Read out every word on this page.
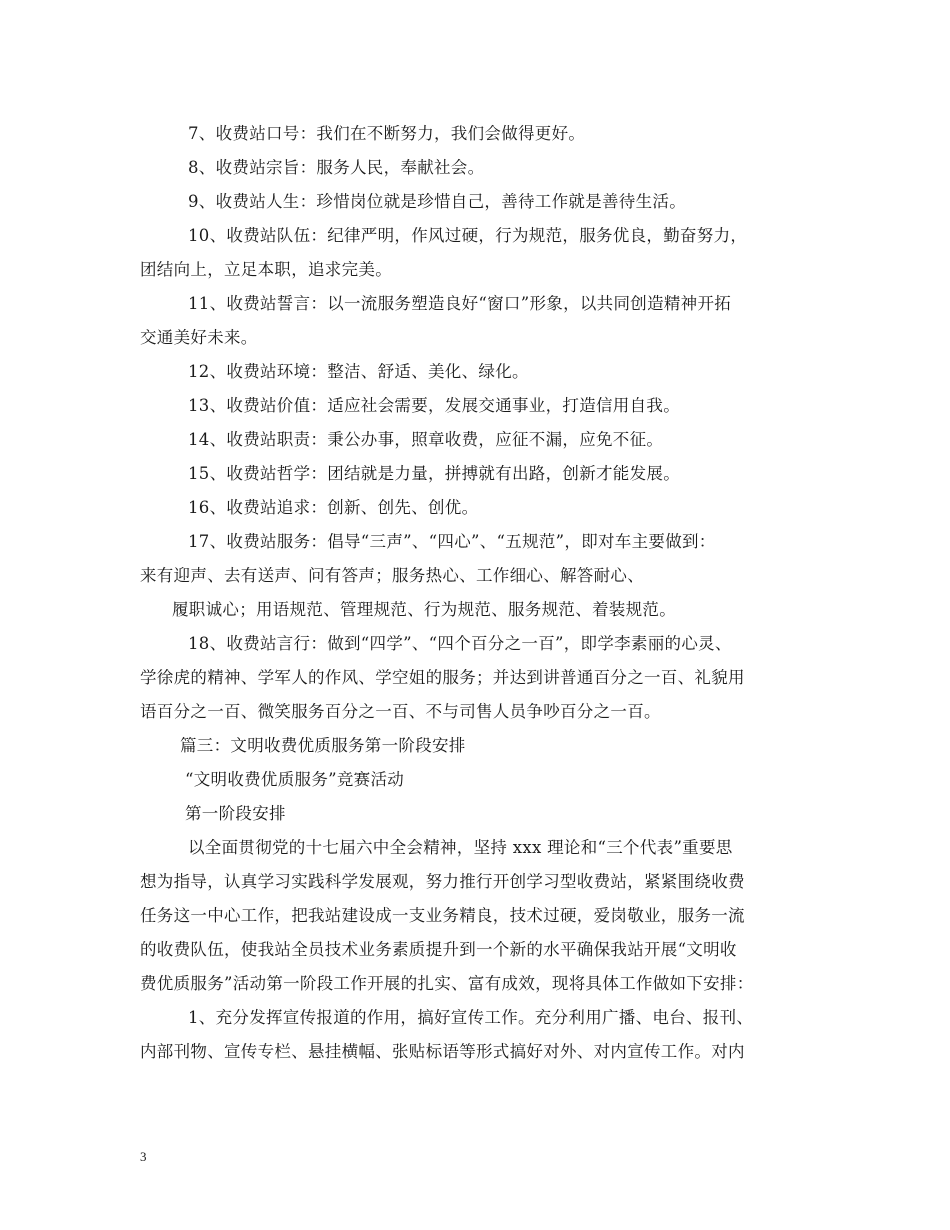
7、收费站口号：我们在不断努力，我们会做得更好。
8、收费站宗旨：服务人民，奉献社会。
9、收费站人生：珍惜岗位就是珍惜自己，善待工作就是善待生活。
10、收费站队伍：纪律严明，作风过硬，行为规范，服务优良，勤奋努力，
团结向上，立足本职，追求完美。
11、收费站誓言：以一流服务塑造良好“窗口”形象，以共同创造精神开拓
交通美好未来。
12、收费站环境：整洁、舒适、美化、绿化。
13、收费站价值：适应社会需要，发展交通事业，打造信用自我。
14、收费站职责：秉公办事，照章收费，应征不漏，应免不征。
15、收费站哲学：团结就是力量，拼搏就有出路，创新才能发展。
16、收费站追求：创新、创先、创优。
17、收费站服务：倡导“三声”、“四心”、“五规范”，即对车主要做到：
来有迎声、去有送声、问有答声；服务热心、工作细心、解答耐心、
履职诚心；用语规范、管理规范、行为规范、服务规范、着装规范。
18、收费站言行：做到“四学”、“四个百分之一百”，即学李素丽的心灵、
学徐虎的精神、学军人的作风、学空姐的服务；并达到讲普通百分之一百、礼貌用
语百分之一百、微笑服务百分之一百、不与司售人员争吵百分之一百。
篇三：文明收费优质服务第一阶段安排
“文明收费优质服务”竞赛活动
第一阶段安排
以全面贯彻党的十七届六中全会精神，坚持 xxx 理论和“三个代表”重要思
想为指导，认真学习实践科学发展观，努力推行开创学习型收费站，紧紧围绕收费
任务这一中心工作，把我站建设成一支业务精良，技术过硬，爱岗敬业，服务一流
的收费队伍，使我站全员技术业务素质提升到一个新的水平确保我站开展“文明收
费优质服务”活动第一阶段工作开展的扎实、富有成效，现将具体工作做如下安排：
1、充分发挥宣传报道的作用，搞好宣传工作。充分利用广播、电台、报刊、
内部刊物、宣传专栏、悬挂横幅、张贴标语等形式搞好对外、对内宣传工作。对内
3
